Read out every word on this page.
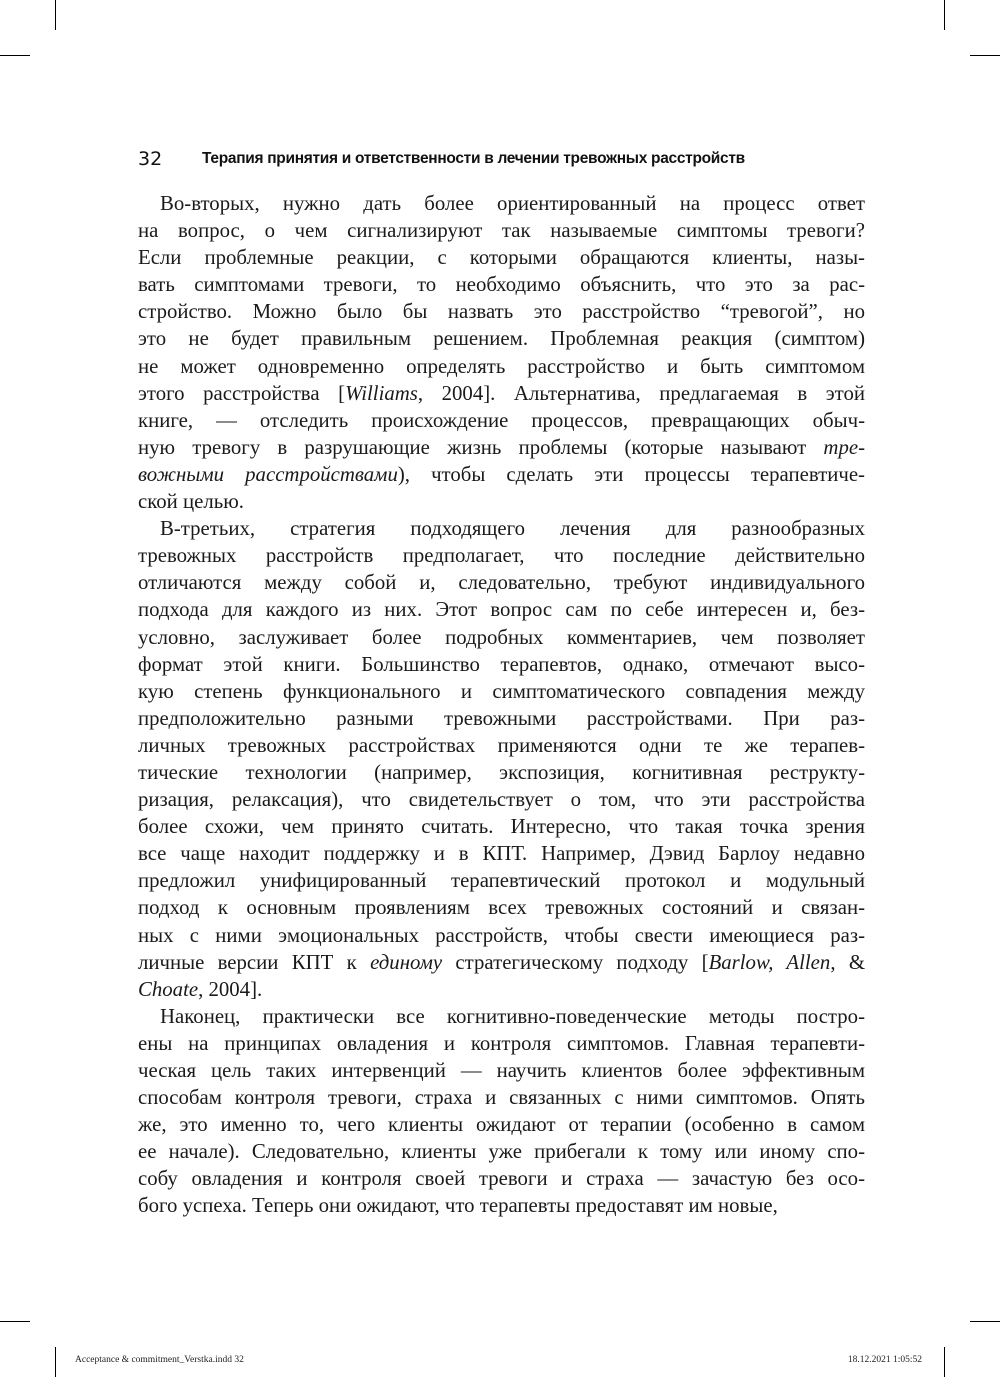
32	Терапия принятия и ответственности в лечении тревожных расстройств
Во-вторых, нужно дать более ориентированный на процесс ответ
на вопрос, о чем сигнализируют так называемые симптомы тревоги?
Если проблемные реакции, с которыми обращаются клиенты, назы-
вать симптомами тревоги, то необходимо объяснить, что это за рас-
стройство. Можно было бы назвать это расстройство “тревогой”, но
это не будет правильным решением. Проблемная реакция (симптом)
не может одновременно определять расстройство и быть симптомом
этого расстройства [Williams, 2004]. Альтернатива, предлагаемая в этой
книге, — отследить происхождение процессов, превращающих обыч-
ную тревогу в разрушающие жизнь проблемы (которые называют тре-
вожными расстройствами), чтобы сделать эти процессы терапевтиче-
ской целью.
В-третьих, стратегия подходящего лечения для разнообразных
тревожных расстройств предполагает, что последние действительно
отличаются между собой и, следовательно, требуют индивидуального
подхода для каждого из них. Этот вопрос сам по себе интересен и, без-
условно, заслуживает более подробных комментариев, чем позволяет
формат этой книги. Большинство терапевтов, однако, отмечают высо-
кую степень функционального и симптоматического совпадения между
предположительно разными тревожными расстройствами. При раз-
личных тревожных расстройствах применяются одни те же терапев-
тические технологии (например, экспозиция, когнитивная реструкту-
ризация, релаксация), что свидетельствует о том, что эти расстройства
более схожи, чем принято считать. Интересно, что такая точка зрения
все чаще находит поддержку и в КПТ. Например, Дэвид Барлоу недавно
предложил унифицированный терапевтический протокол и модульный
подход к основным проявлениям всех тревожных состояний и связан-
ных с ними эмоциональных расстройств, чтобы свести имеющиеся раз-
личные версии КПТ к единому стратегическому подходу [Barlow, Allen, &
Choate, 2004].
Наконец, практически все когнитивно-поведенческие методы постро-
ены на принципах овладения и контроля симптомов. Главная терапевти-
ческая цель таких интервенций — научить клиентов более эффективным
способам контроля тревоги, страха и связанных с ними симптомов. Опять
же, это именно то, чего клиенты ожидают от терапии (особенно в самом
ее начале). Следовательно, клиенты уже прибегали к тому или иному спо-
собу овладения и контроля своей тревоги и страха — зачастую без осо-
бого успеха. Теперь они ожидают, что терапевты предоставят им новые,
Acceptance & commitment_Verstka.indd 32	18.12.2021 1:05:52
